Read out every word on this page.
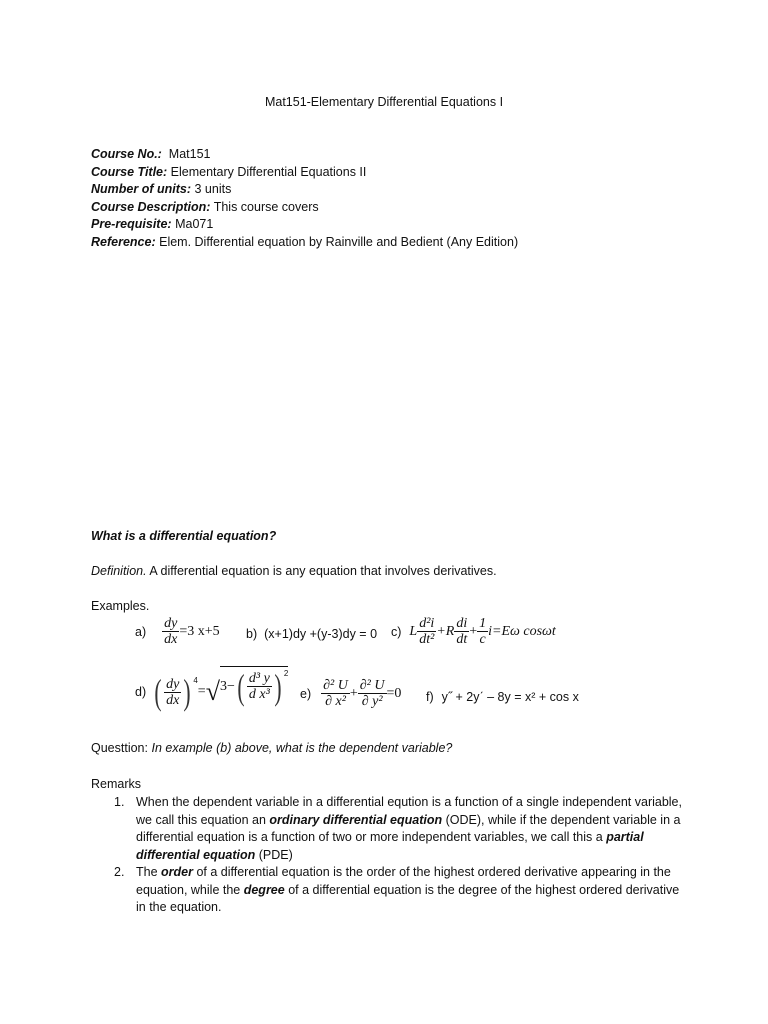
Mat151-Elementary Differential Equations I
Course No.: Mat151
Course Title: Elementary Differential Equations II
Number of units: 3 units
Course Description: This course covers
Pre-requisite: Ma071
Reference: Elem. Differential equation by Rainville and Bedient (Any Edition)
What is a differential equation?
Definition. A differential equation is any equation that involves derivatives.
Examples.
$a) \frac{dy}{dx} =3$ x+5 b) (x+1)dy +(y-3)dy = 0 c) L $\frac{\text{d²i}}{\text{dt²}} +R \frac{di}{dt} + \frac{1}{c} i=E\omega$ cosωt
d) ( $\frac{dy}{dx}$ ) $^4$
= √ 3− ( $\frac{\text{d³ y}}{\text{d x³}}$ ) $^2$
$e) \frac{\text{∂² U}}{\text{∂ x²}} + \frac{\text{∂² U}}{\text{∂ y²}} =0$ f) y˝ + 2yˊ – 8y = x² + cos x
Questtion: In example (b) above, what is the dependent variable?
Remarks
1. When the dependent variable in a differential eqution is a function of a single independent variable, we call this equation an ordinary differential equation (ODE), while if the dependent variable in a differential equation is a function of two or more independent variables, we call this a partial differential equation (PDE)
2. The order of a differential equation is the order of the highest ordered derivative appearing in the equation, while the degree of a differential equation is the degree of the highest ordered derivative in the equation.
